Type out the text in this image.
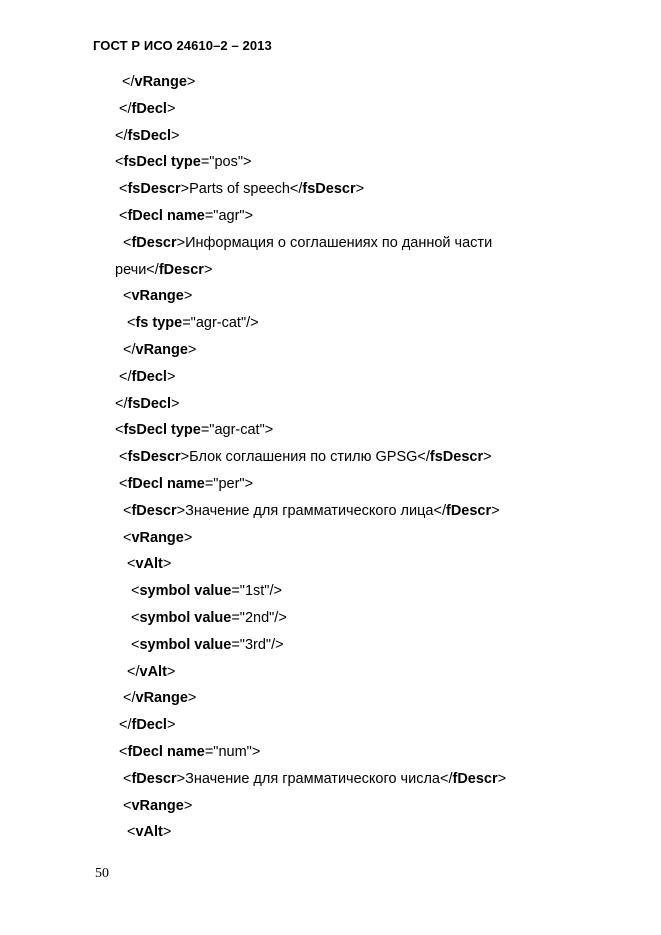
ГОСТ Р ИСО 24610–2 – 2013
</vRange>
</fDecl>
</fsDecl>
<fsDecl type="pos">
<fsDescr>Parts of speech</fsDescr>
<fDecl name="agr">
<fDescr>Информация о соглашениях по данной части
речи</fDescr>
<vRange>
<fs type="agr-cat"/>
</vRange>
</fDecl>
</fsDecl>
<fsDecl type="agr-cat">
<fsDescr>Блок соглашения по стилю GPSG</fsDescr>
<fDecl name="per">
<fDescr>Значение для грамматического лица</fDescr>
<vRange>
<vAlt>
<symbol value="1st"/>
<symbol value="2nd"/>
<symbol value="3rd"/>
</vAlt>
</vRange>
</fDecl>
<fDecl name="num">
<fDescr>Значение для грамматического числа</fDescr>
<vRange>
<vAlt>
50
